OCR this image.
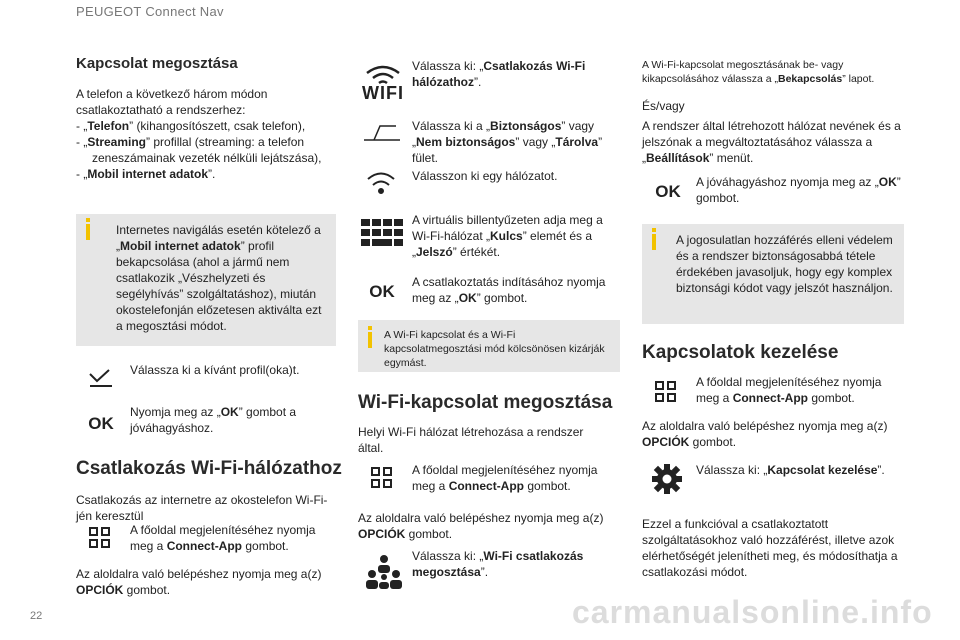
PEUGEOT Connect Nav
Kapcsolat megosztása

A telefon a következő három módon csatlakoztatható a rendszerhez:

- „Telefon” (kihangosítószett, csak telefon),
- „Streaming” profillal (streaming: a telefon zeneszámainak vezeték nélküli lejátszása),
- „Mobil internet adatok”.

Internetes navigálás esetén kötelező a „Mobil internet adatok” profil bekapcsolása (ahol a jármű nem csatlakozik „Vészhelyzeti és segélyhívás” szolgáltatáshoz), miután okostelefonján előzetesen aktiválta ezt a megosztási módot.

Válassza ki a kívánt profil(oka)t.

OK

Nyomja meg az „OK” gombot a jóváhagyáshoz.

Csatlakozás Wi-Fi-hálózathoz

Csatlakozás az internetre az okostelefon Wi-Fi-jén keresztül

A főoldal megjelenítéséhez nyomja meg a Connect-App gombot.

Az aloldalra való belépéshez nyomja meg a(z) OPCIÓK gombot.

WIFI

Válassza ki: „Csatlakozás Wi-Fi hálózathoz”.

Válassza ki a „Biztonságos” vagy „Nem biztonságos” vagy „Tárolva” fület.

Válasszon ki egy hálózatot.

A virtuális billentyűzeten adja meg a Wi-Fi-hálózat „Kulcs” elemét és a „Jelszó” értékét.

OK	A csatlakoztatás indításához nyomja meg az „OK” gombot.

A Wi-Fi kapcsolat és a Wi-Fi kapcsolatmegosztási mód kölcsönösen kizárják egymást.

Wi-Fi-kapcsolat megosztása

Helyi Wi-Fi hálózat létrehozása a rendszer által.

A főoldal megjelenítéséhez nyomja meg a Connect-App gombot.

Az aloldalra való belépéshez nyomja meg a(z) OPCIÓK gombot.

Válassza ki: „Wi-Fi csatlakozás megosztása”.

A Wi-Fi-kapcsolat megosztásának be- vagy kikapcsolásához válassza a „Bekapcsolás” lapot.

És/vagy

A rendszer által létrehozott hálózat nevének és a jelszónak a megváltoztatásához válassza a „Beállítások” menüt.

OK	A jóváhagyáshoz nyomja meg az „OK” gombot.

A jogosulatlan hozzáférés elleni védelem és a rendszer biztonságosabbá tétele érdekében javasoljuk, hogy egy komplex biztonsági kódot vagy jelszót használjon.

Kapcsolatok kezelése

A főoldal megjelenítéséhez nyomja meg a Connect-App gombot.

Az aloldalra való belépéshez nyomja meg a(z) OPCIÓK gombot.

Válassza ki: „Kapcsolat kezelése”.

Ezzel a funkcióval a csatlakoztatott szolgáltatásokhoz való hozzáférést, illetve azok elérhetőségét jelenítheti meg, és módosíthatja a csatlakozási módot.

carmanualsonline.info
22
